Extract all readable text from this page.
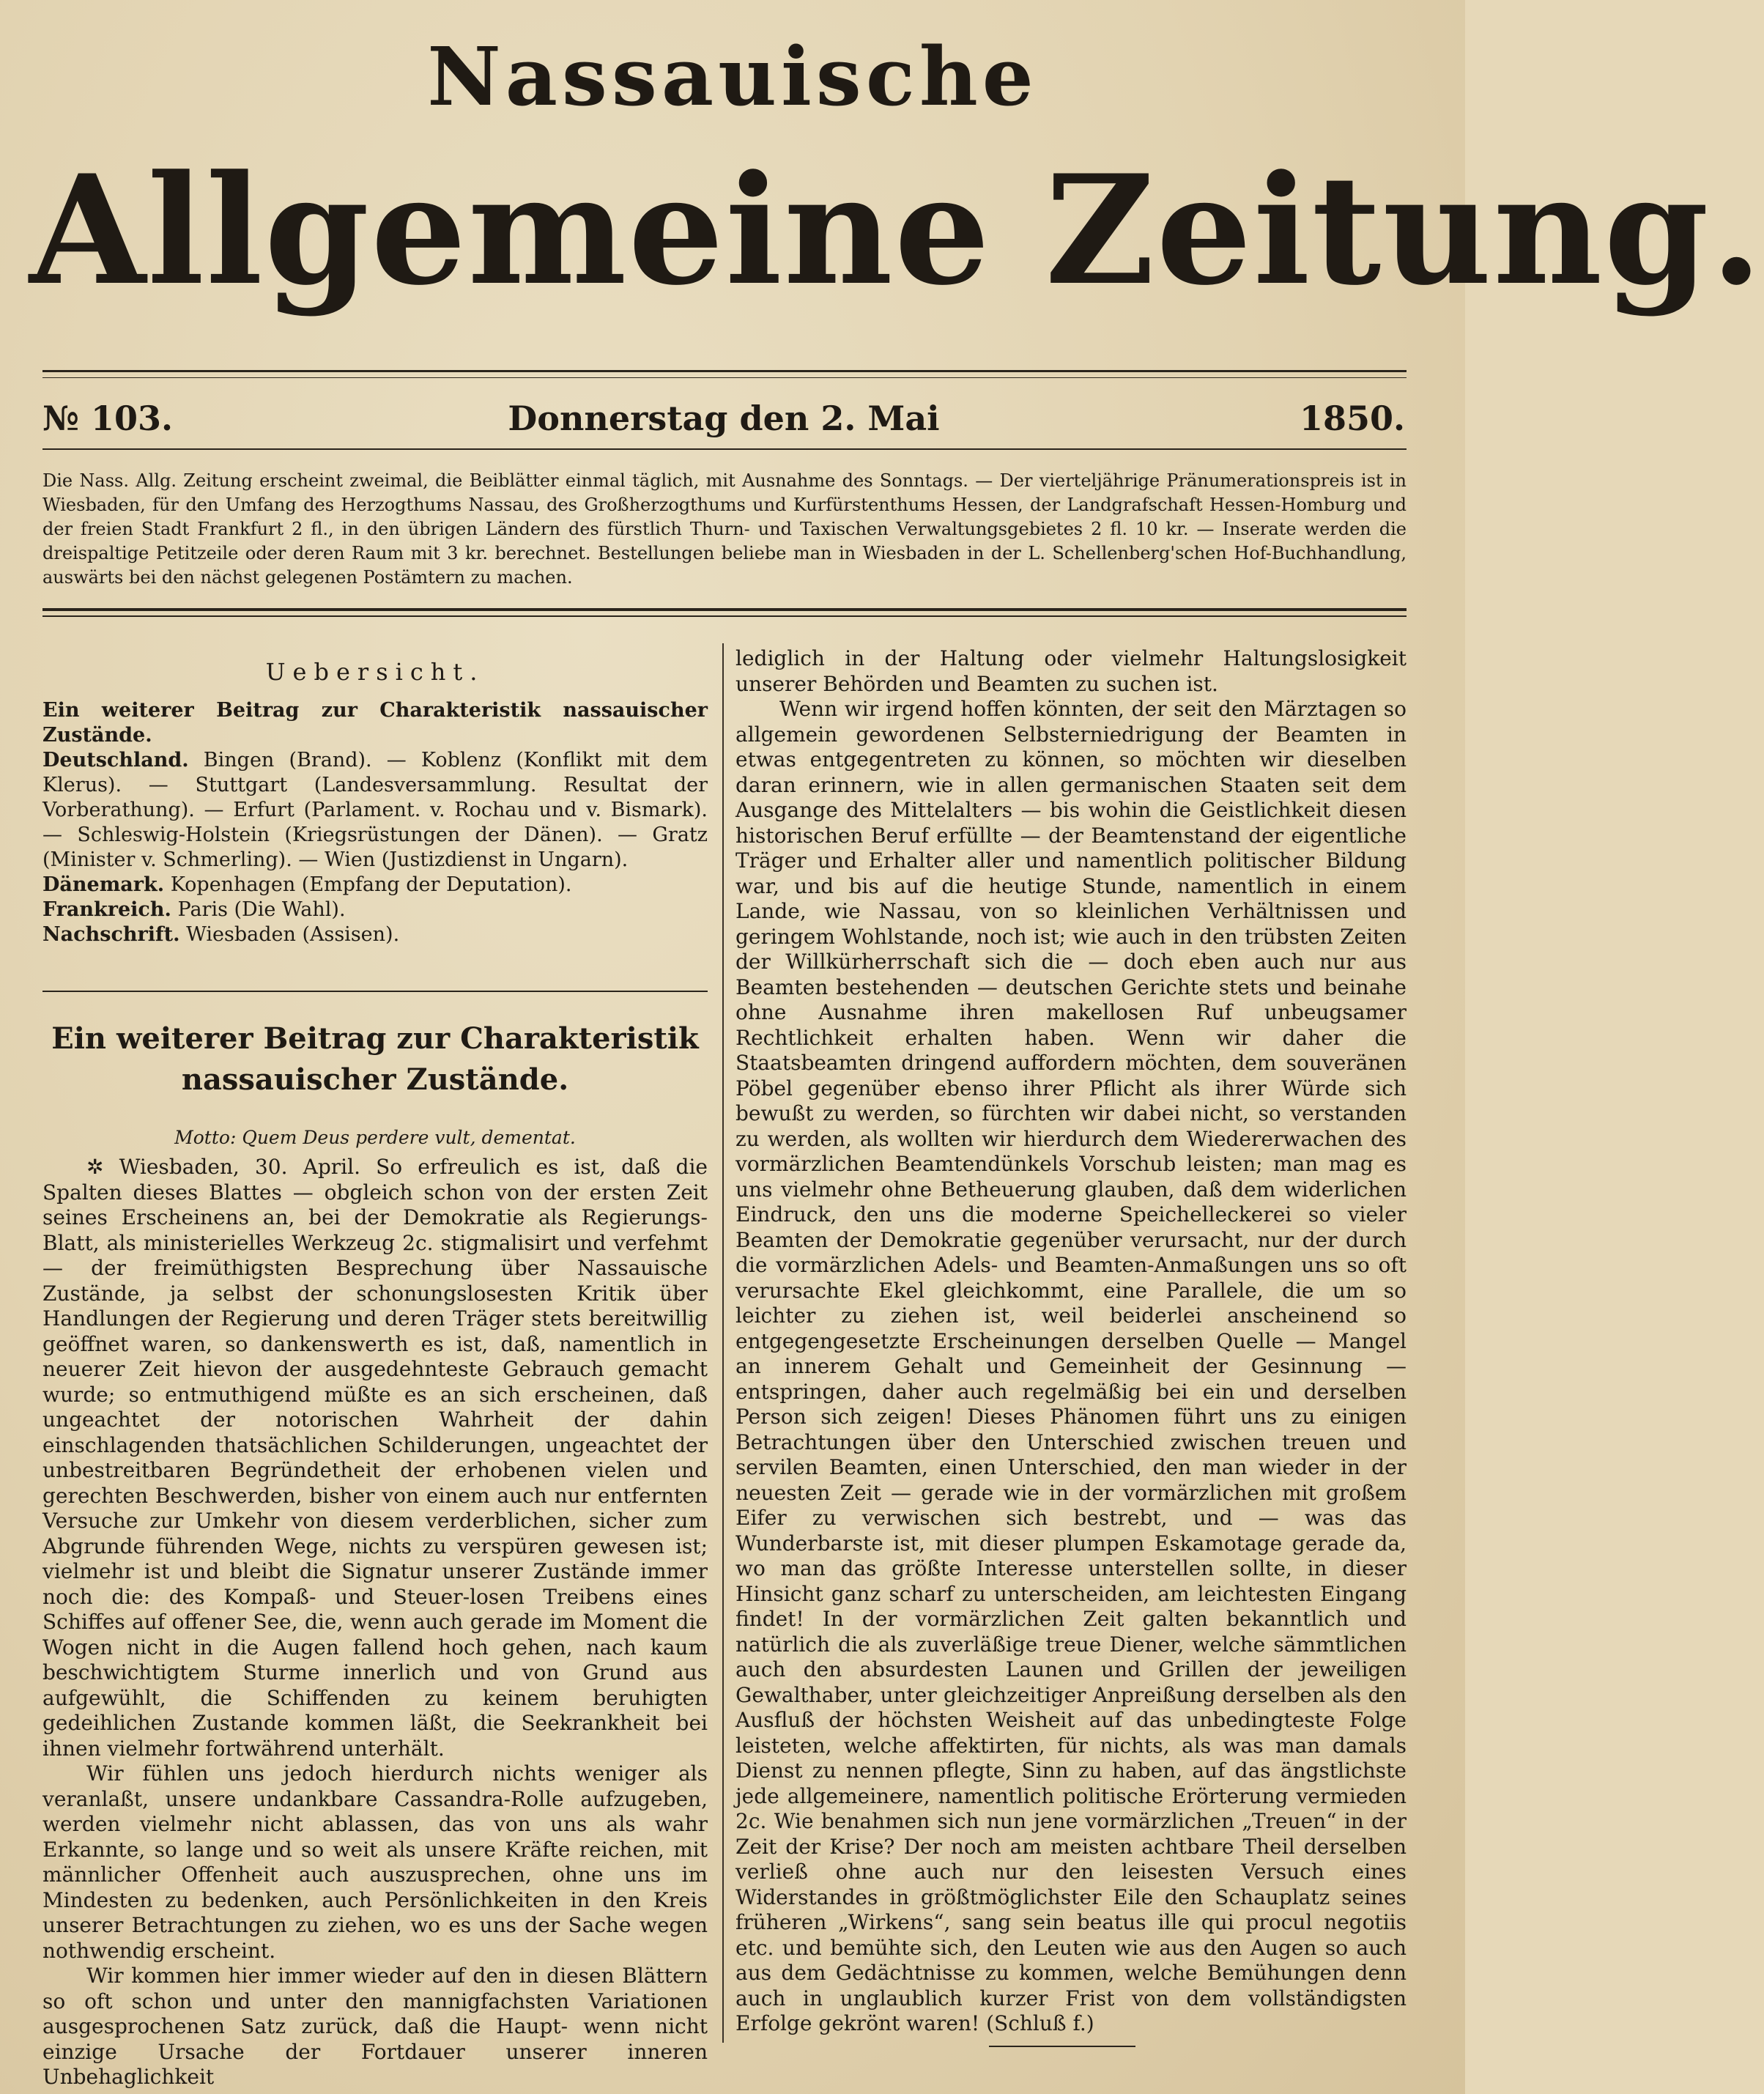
Nassauische
Allgemeine Zeitung.
Donnerstag den 2. Mai
№ 103.	1850.
Die Nass. Allg. Zeitung erscheint zweimal, die Beiblätter einmal täglich, mit Ausnahme des Sonntags. — Der vierteljährige Pränumerationspreis ist in Wiesbaden, für den Umfang des Herzogthums Nassau, des Großherzogthums und Kurfürstenthums Hessen, der Landgrafschaft Hessen-Homburg und der freien Stadt Frankfurt 2 fl., in den übrigen Ländern des fürstlich Thurn- und Taxischen Verwaltungsgebietes 2 fl. 10 kr. — Inserate werden die dreispaltige Petitzeile oder deren Raum mit 3 kr. berechnet. Bestellungen beliebe man in Wiesbaden in der L. Schellenberg'schen Hof-Buchhandlung, auswärts bei den nächst gelegenen Postämtern zu machen.
Uebersicht.
Ein weiterer Beitrag zur Charakteristik nassauischer Zustände.
Deutschland. Bingen (Brand). — Koblenz (Konflikt mit dem Klerus). — Stuttgart (Landesversammlung. Resultat der Vorberathung). — Erfurt (Parlament. v. Rochau und v. Bismark). — Schleswig-Holstein (Kriegsrüstungen der Dänen). — Gratz (Minister v. Schmerling). — Wien (Justizdienst in Ungarn).
Dänemark. Kopenhagen (Empfang der Deputation).
Frankreich. Paris (Die Wahl).
Nachschrift. Wiesbaden (Assisen).
Ein weiterer Beitrag zur Charakteristik
nassauischer Zustände.
Motto: Quem Deus perdere vult, dementat.

✲ Wiesbaden, 30. April. So erfreulich es ist, daß die Spalten dieses Blattes — obgleich schon von der ersten Zeit seines Erscheinens an, bei der Demokratie als Regierungs-Blatt, als ministerielles Werkzeug 2c. stigmalisirt und verfehmt — der freimüthigsten Besprechung über Nassauische Zustände, ja selbst der schonungslosesten Kritik über Handlungen der Regierung und deren Träger stets bereitwillig geöffnet waren, so dankenswerth es ist, daß, namentlich in neuerer Zeit hievon der ausgedehnteste Gebrauch gemacht wurde; so entmuthigend müßte es an sich erscheinen, daß ungeachtet der notorischen Wahrheit der dahin einschlagenden thatsächlichen Schilderungen, ungeachtet der unbestreitbaren Begründetheit der erhobenen vielen und gerechten Beschwerden, bisher von einem auch nur entfernten Versuche zur Umkehr von diesem verderblichen, sicher zum Abgrunde führenden Wege, nichts zu verspüren gewesen ist; vielmehr ist und bleibt die Signatur unserer Zustände immer noch die: des Kompaß- und Steuer-losen Treibens eines Schiffes auf offener See, die, wenn auch gerade im Moment die Wogen nicht in die Augen fallend hoch gehen, nach kaum beschwichtigtem Sturme innerlich und von Grund aus aufgewühlt, die Schiffenden zu keinem beruhigten gedeihlichen Zustande kommen läßt, die Seekrankheit bei ihnen vielmehr fortwährend unterhält.

Wir fühlen uns jedoch hierdurch nichts weniger als veranlaßt, unsere undankbare Cassandra-Rolle aufzugeben, werden vielmehr nicht ablassen, das von uns als wahr Erkannte, so lange und so weit als unsere Kräfte reichen, mit männlicher Offenheit auch auszusprechen, ohne uns im Mindesten zu bedenken, auch Persönlichkeiten in den Kreis unserer Betrachtungen zu ziehen, wo es uns der Sache wegen nothwendig erscheint.

Wir kommen hier immer wieder auf den in diesen Blättern so oft schon und unter den mannigfachsten Variationen ausgesprochenen Satz zurück, daß die Haupt- wenn nicht einzige Ursache der Fortdauer unserer inneren Unbehaglichkeit

lediglich in der Haltung oder vielmehr Haltungslosigkeit unserer Behörden und Beamten zu suchen ist.

Wenn wir irgend hoffen könnten, der seit den Märztagen so allgemein gewordenen Selbsterniedrigung der Beamten in etwas entgegentreten zu können, so möchten wir dieselben daran erinnern, wie in allen germanischen Staaten seit dem Ausgange des Mittelalters — bis wohin die Geistlichkeit diesen historischen Beruf erfüllte — der Beamtenstand der eigentliche Träger und Erhalter aller und namentlich politischer Bildung war, und bis auf die heutige Stunde, namentlich in einem Lande, wie Nassau, von so kleinlichen Verhältnissen und geringem Wohlstande, noch ist; wie auch in den trübsten Zeiten der Willkürherrschaft sich die — doch eben auch nur aus Beamten bestehenden — deutschen Gerichte stets und beinahe ohne Ausnahme ihren makellosen Ruf unbeugsamer Rechtlichkeit erhalten haben. Wenn wir daher die Staatsbeamten dringend auffordern möchten, dem souveränen Pöbel gegenüber ebenso ihrer Pflicht als ihrer Würde sich bewußt zu werden, so fürchten wir dabei nicht, so verstanden zu werden, als wollten wir hierdurch dem Wiedererwachen des vormärzlichen Beamtendünkels Vorschub leisten; man mag es uns vielmehr ohne Betheuerung glauben, daß dem widerlichen Eindruck, den uns die moderne Speichelleckerei so vieler Beamten der Demokratie gegenüber verursacht, nur der durch die vormärzlichen Adels- und Beamten-Anmaßungen uns so oft verursachte Ekel gleichkommt, eine Parallele, die um so leichter zu ziehen ist, weil beiderlei anscheinend so entgegengesetzte Erscheinungen derselben Quelle — Mangel an innerem Gehalt und Gemeinheit der Gesinnung — entspringen, daher auch regelmäßig bei ein und derselben Person sich zeigen! Dieses Phänomen führt uns zu einigen Betrachtungen über den Unterschied zwischen treuen und servilen Beamten, einen Unterschied, den man wieder in der neuesten Zeit — gerade wie in der vormärzlichen mit großem Eifer zu verwischen sich bestrebt, und — was das Wunderbarste ist, mit dieser plumpen Eskamotage gerade da, wo man das größte Interesse unterstellen sollte, in dieser Hinsicht ganz scharf zu unterscheiden, am leichtesten Eingang findet! In der vormärzlichen Zeit galten bekanntlich und natürlich die als zuverläßige treue Diener, welche sämmtlichen auch den absurdesten Launen und Grillen der jeweiligen Gewalthaber, unter gleichzeitiger Anpreißung derselben als den Ausfluß der höchsten Weisheit auf das unbedingteste Folge leisteten, welche affektirten, für nichts, als was man damals Dienst zu nennen pflegte, Sinn zu haben, auf das ängstlichste jede allgemeinere, namentlich politische Erörterung vermieden 2c. Wie benahmen sich nun jene vormärzlichen „Treuen“ in der Zeit der Krise? Der noch am meisten achtbare Theil derselben verließ ohne auch nur den leisesten Versuch eines Widerstandes in größtmöglichster Eile den Schauplatz seines früheren „Wirkens“, sang sein beatus ille qui procul negotiis etc. und bemühte sich, den Leuten wie aus den Augen so auch aus dem Gedächtnisse zu kommen, welche Bemühungen denn auch in unglaublich kurzer Frist von dem vollständigsten Erfolge gekrönt waren! (Schluß f.)
